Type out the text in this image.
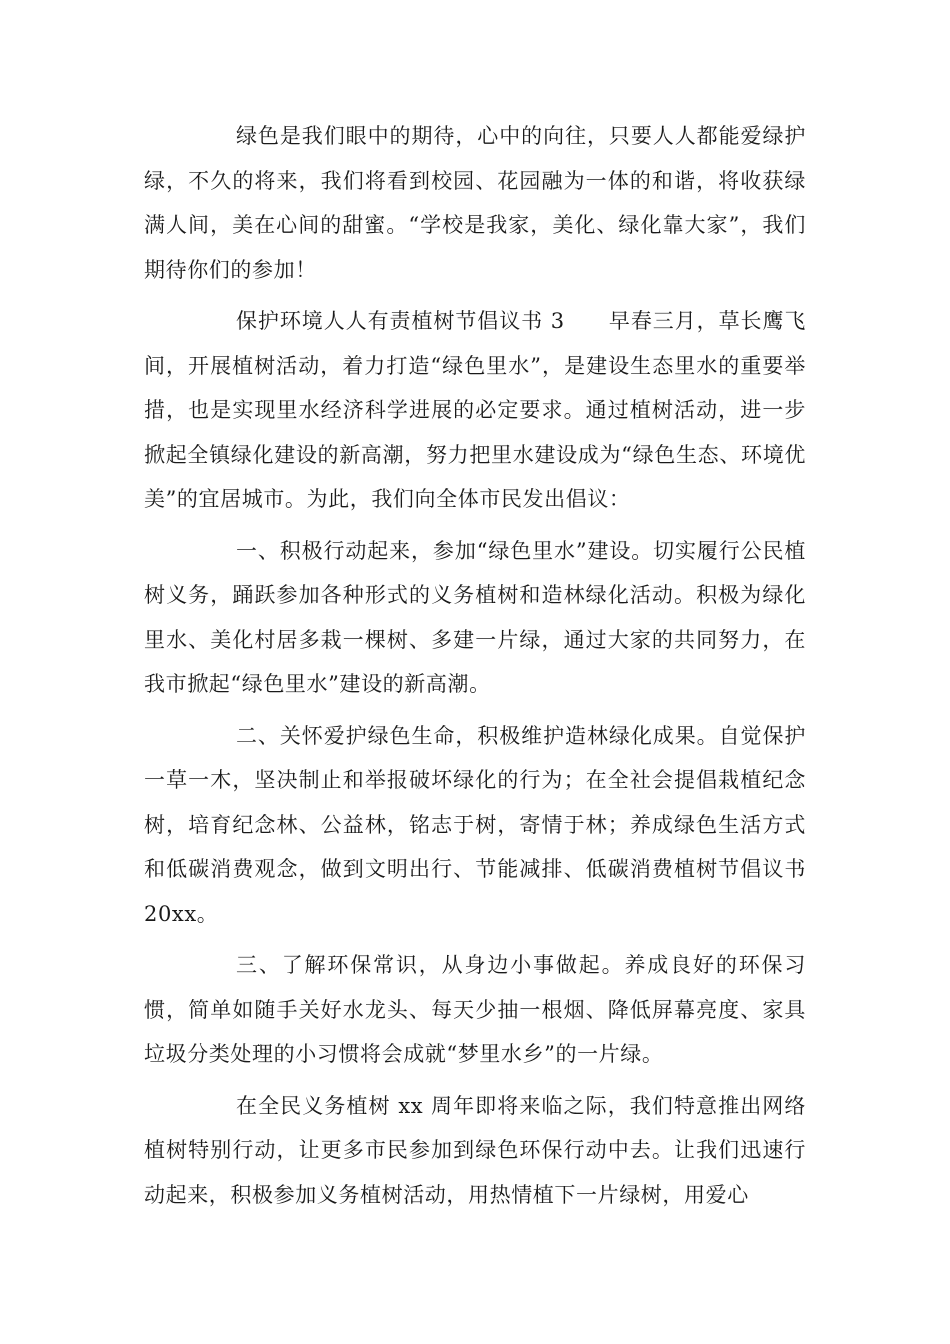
绿色是我们眼中的期待，心中的向往，只要人人都能爱绿护绿，不久的将来，我们将看到校园、花园融为一体的和谐，将收获绿满人间，美在心间的甜蜜。“学校是我家，美化、绿化靠大家”，我们期待你们的参加！

保护环境人人有责植树节倡议书 3　　早春三月，草长鹰飞间，开展植树活动，着力打造“绿色里水”，是建设生态里水的重要举措，也是实现里水经济科学进展的必定要求。通过植树活动，进一步掀起全镇绿化建设的新高潮，努力把里水建设成为“绿色生态、环境优美”的宜居城市。为此，我们向全体市民发出倡议：

一、积极行动起来，参加“绿色里水”建设。切实履行公民植树义务，踊跃参加各种形式的义务植树和造林绿化活动。积极为绿化里水、美化村居多栽一棵树、多建一片绿，通过大家的共同努力，在我市掀起“绿色里水”建设的新高潮。

二、关怀爱护绿色生命，积极维护造林绿化成果。自觉保护一草一木，坚决制止和举报破坏绿化的行为；在全社会提倡栽植纪念树，培育纪念林、公益林，铭志于树，寄情于林；养成绿色生活方式和低碳消费观念，做到文明出行、节能减排、低碳消费植树节倡议书 20xx。

三、了解环保常识，从身边小事做起。养成良好的环保习惯，简单如随手关好水龙头、每天少抽一根烟、降低屏幕亮度、家具垃圾分类处理的小习惯将会成就“梦里水乡”的一片绿。

在全民义务植树 xx 周年即将来临之际，我们特意推出网络植树特别行动，让更多市民参加到绿色环保行动中去。让我们迅速行动起来，积极参加义务植树活动，用热情植下一片绿树，用爱心
